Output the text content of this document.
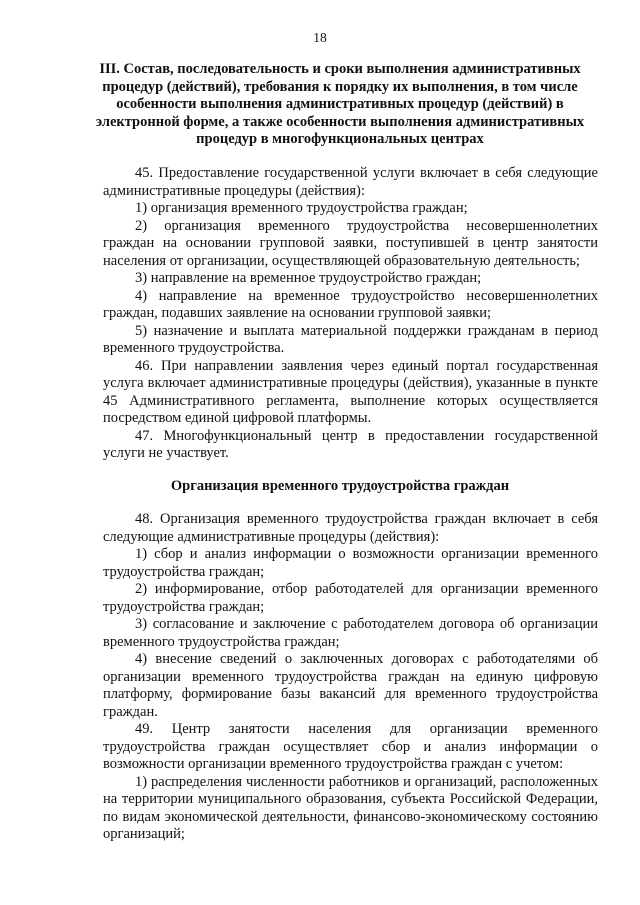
18
III. Состав, последовательность и сроки выполнения административных
процедур (действий), требования к порядку их выполнения, в том числе
особенности выполнения административных процедур (действий) в
электронной форме, а также особенности выполнения административных
процедур в многофункциональных центрах

45. Предоставление государственной услуги включает в себя следующие административные процедуры (действия):

1) организация временного трудоустройства граждан;

2) организация временного трудоустройства несовершеннолетних граждан на основании групповой заявки, поступившей в центр занятости населения от организации, осуществляющей образовательную деятельность;

3) направление на временное трудоустройство граждан;

4) направление на временное трудоустройство несовершеннолетних граждан, подавших заявление на основании групповой заявки;

5) назначение и выплата материальной поддержки гражданам в период временного трудоустройства.

46. При направлении заявления через единый портал государственная услуга включает административные процедуры (действия), указанные в пункте 45 Административного регламента, выполнение которых осуществляется посредством единой цифровой платформы.

47. Многофункциональный центр в предоставлении государственной услуги не участвует.

Организация временного трудоустройства граждан

48. Организация временного трудоустройства граждан включает в себя следующие административные процедуры (действия):

1) сбор и анализ информации о возможности организации временного трудоустройства граждан;

2) информирование, отбор работодателей для организации временного трудоустройства граждан;

3) согласование и заключение с работодателем договора об организации временного трудоустройства граждан;

4) внесение сведений о заключенных договорах с работодателями об организации временного трудоустройства граждан на единую цифровую платформу, формирование базы вакансий для временного трудоустройства граждан.

49. Центр занятости населения для организации временного трудоустройства граждан осуществляет сбор и анализ информации о возможности организации временного трудоустройства граждан с учетом:

1) распределения численности работников и организаций, расположенных на территории муниципального образования, субъекта Российской Федерации, по видам экономической деятельности, финансово-экономическому состоянию организаций;
